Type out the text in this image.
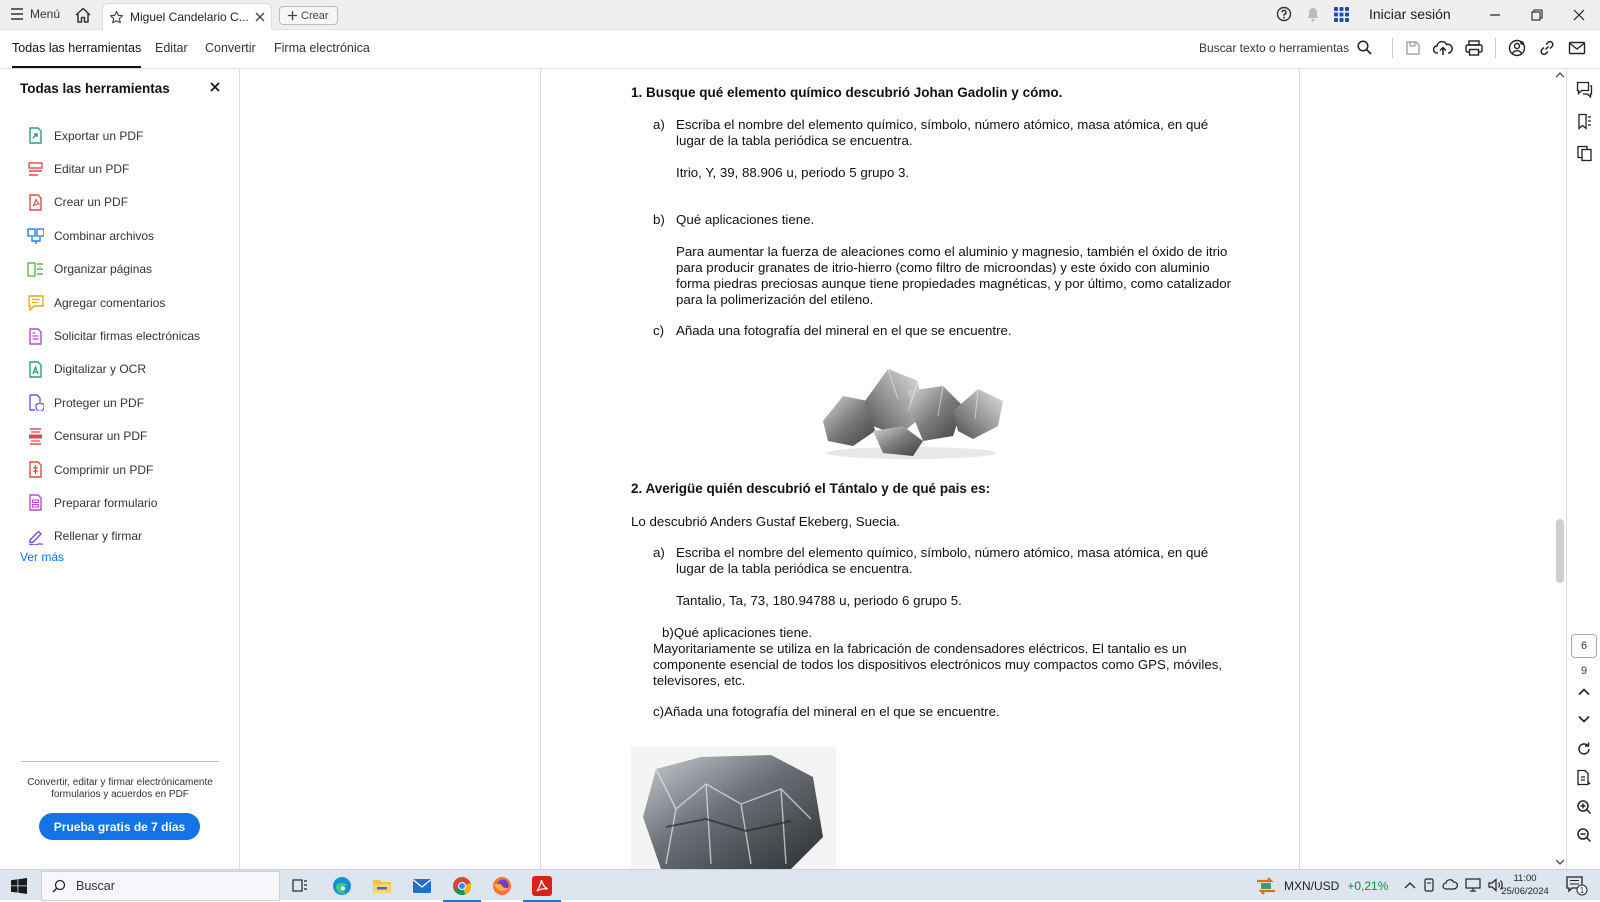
Menú	Miguel Candelario C...	Crear	Iniciar sesión
Todas las herramientas Editar Convertir Firma electrónica	Buscar texto o herramientas
Todas las herramientas
Exportar un PDF
Editar un PDF
Crear un PDF
Combinar archivos
Organizar páginas
Agregar comentarios
Solicitar firmas electrónicas
Digitalizar y OCR
Proteger un PDF
Censurar un PDF
Comprimir un PDF
Preparar formulario
Rellenar y firmar
Ver más
Convertir, editar y firmar electrónicamente formularios y acuerdos en PDF
Prueba gratis de 7 días
1. Busque qué elemento químico descubrió Johan Gadolin y cómo.
a) Escriba el nombre del elemento químico, símbolo, número atómico, masa atómica, en qué lugar de la tabla periódica se encuentra.
Itrio, Y, 39, 88.906 u, periodo 5 grupo 3.
b) Qué aplicaciones tiene.
Para aumentar la fuerza de aleaciones como el aluminio y magnesio, también el óxido de itrio para producir granates de itrio-hierro (como filtro de microondas) y este óxido con aluminio forma piedras preciosas aunque tiene propiedades magnéticas, y por último, como catalizador para la polimerización del etileno.
c) Añada una fotografía del mineral en el que se encuentre.
2. Averigüe quién descubrió el Tántalo y de qué pais es:
Lo descubrió Anders Gustaf Ekeberg, Suecia.
a) Escriba el nombre del elemento químico, símbolo, número atómico, masa atómica, en qué lugar de la tabla periódica se encuentra.
Tantalio, Ta, 73, 180.94788 u, periodo 6 grupo 5.
b)Qué aplicaciones tiene.
Mayoritariamente se utiliza en la fabricación de condensadores eléctricos. El tantalio es un componente esencial de todos los dispositivos electrónicos muy compactos como GPS, móviles, televisores, etc.
c)Añada una fotografía del mineral en el que se encuentre.
6
9
Buscar	MXN/USD +0,21%
11:00
25/06/2024	1
